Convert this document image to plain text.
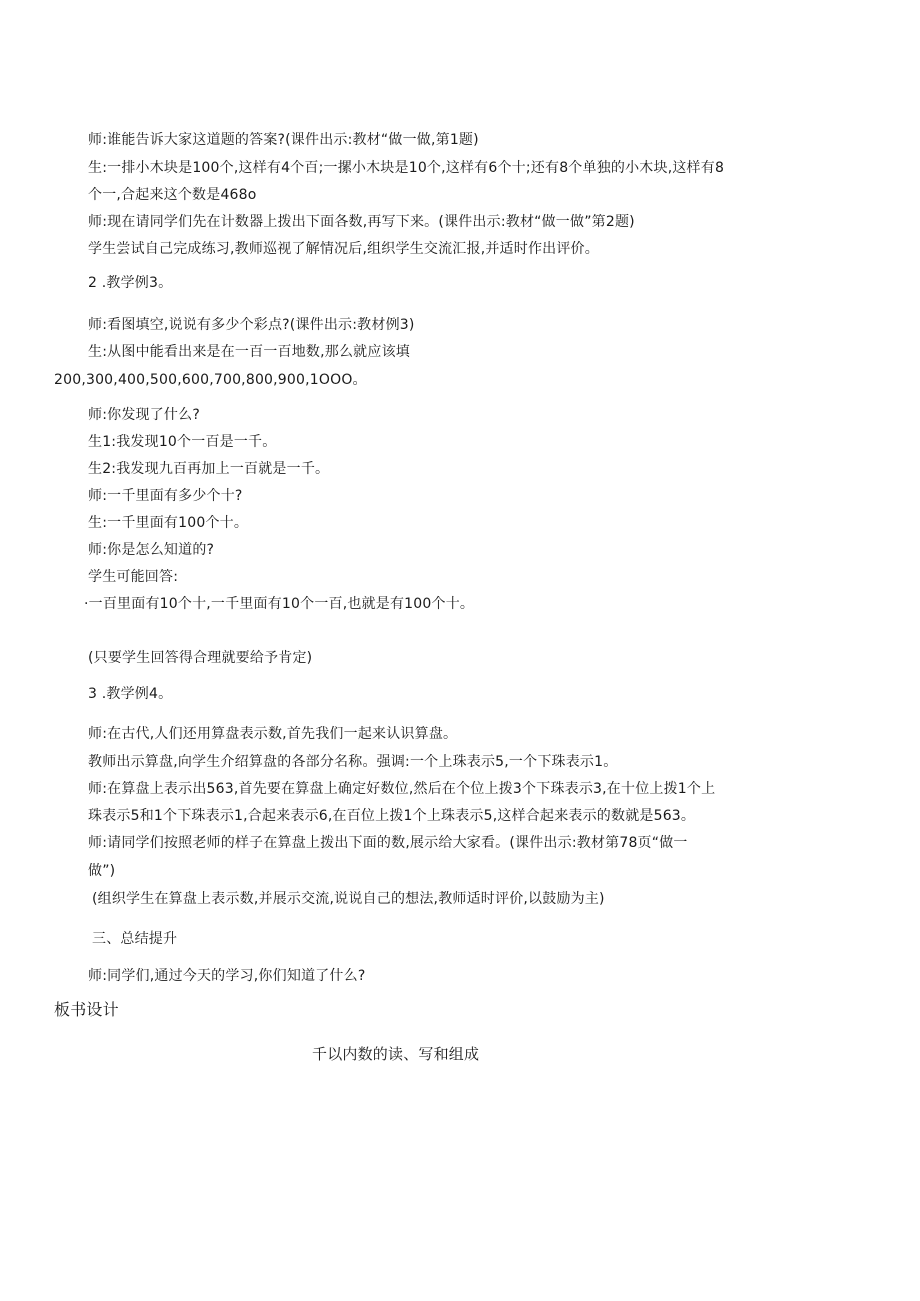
师:谁能告诉大家这道题的答案?(课件出示:教材“做一做,第1题)
生:一排小木块是100个,这样有4个百;一摞小木块是10个,这样有6个十;还有8个单独的小木块,这样有8
个一,合起来这个数是468o
师:现在请同学们先在计数器上拨出下面各数,再写下来。(课件出示:教材“做一做”第2题)
学生尝试自己完成练习,教师巡视了解情况后,组织学生交流汇报,并适时作出评价。
2 .教学例3。
师:看图填空,说说有多少个彩点?(课件出示:教材例3)
生:从图中能看出来是在一百一百地数,那么就应该填
200,300,400,500,600,700,800,900,1OOO。
师:你发现了什么?
生1:我发现10个一百是一千。
生2:我发现九百再加上一百就是一千。
师:一千里面有多少个十?
生:一千里面有100个十。
师:你是怎么知道的?
学生可能回答:
·一百里面有10个十,一千里面有10个一百,也就是有100个十。
(只要学生回答得合理就要给予肯定)
3 .教学例4。
师:在古代,人们还用算盘表示数,首先我们一起来认识算盘。
教师出示算盘,向学生介绍算盘的各部分名称。强调:一个上珠表示5,一个下珠表示1。
师:在算盘上表示出563,首先要在算盘上确定好数位,然后在个位上拨3个下珠表示3,在十位上拨1个上
珠表示5和1个下珠表示1,合起来表示6,在百位上拨1个上珠表示5,这样合起来表示的数就是563。
师:请同学们按照老师的样子在算盘上拨出下面的数,展示给大家看。(课件出示:教材第78页“做一
做”)
(组织学生在算盘上表示数,并展示交流,说说自己的想法,教师适时评价,以鼓励为主)
三、总结提升
师:同学们,通过今天的学习,你们知道了什么?
板书设计
千以内数的读、写和组成
